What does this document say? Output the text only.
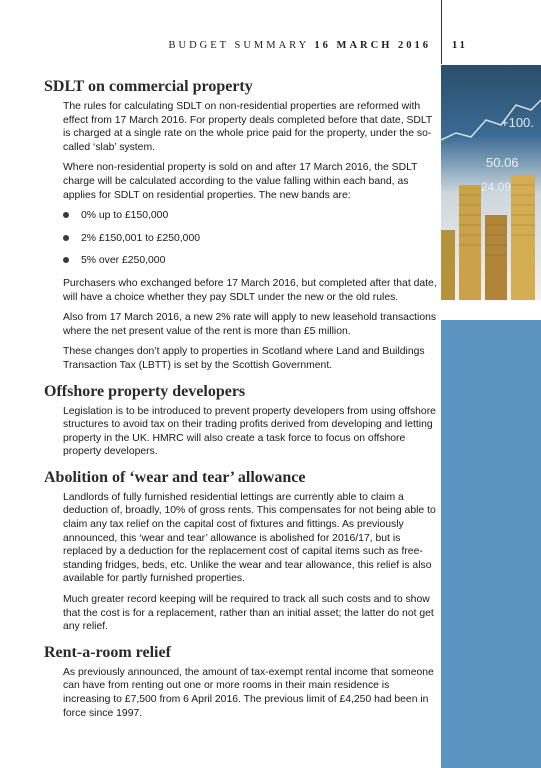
BUDGET SUMMARY 16 MARCH 2016 11
+100.
50.06
24.09
SDLT on commercial property

The rules for calculating SDLT on non-residential properties are reformed with effect from 17 March 2016. For property deals completed before that date, SDLT is charged at a single rate on the whole price paid for the property, under the so-called ‘slab’ system.

Where non-residential property is sold on and after 17 March 2016, the SDLT charge will be calculated according to the value falling within each band, as applies for SDLT on residential properties. The new bands are:

0% up to £150,000
2% £150,001 to £250,000
5% over £250,000

Purchasers who exchanged before 17 March 2016, but completed after that date, will have a choice whether they pay SDLT under the new or the old rules.

Also from 17 March 2016, a new 2% rate will apply to new leasehold transactions where the net present value of the rent is more than £5 million.

These changes don’t apply to properties in Scotland where Land and Buildings Transaction Tax (LBTT) is set by the Scottish Government.

Offshore property developers

Legislation is to be introduced to prevent property developers from using offshore structures to avoid tax on their trading profits derived from developing and letting property in the UK. HMRC will also create a task force to focus on offshore property developers.

Abolition of ‘wear and tear’ allowance

Landlords of fully furnished residential lettings are currently able to claim a deduction of, broadly, 10% of gross rents. This compensates for not being able to claim any tax relief on the capital cost of fixtures and fittings. As previously announced, this ‘wear and tear’ allowance is abolished for 2016/17, but is replaced by a deduction for the replacement cost of capital items such as free-standing fridges, beds, etc. Unlike the wear and tear allowance, this relief is also available for partly furnished properties.

Much greater record keeping will be required to track all such costs and to show that the cost is for a replacement, rather than an initial asset; the latter do not get any relief.

Rent-a-room relief

As previously announced, the amount of tax-exempt rental income that someone can have from renting out one or more rooms in their main residence is increasing to £7,500 from 6 April 2016. The previous limit of £4,250 had been in force since 1997.
